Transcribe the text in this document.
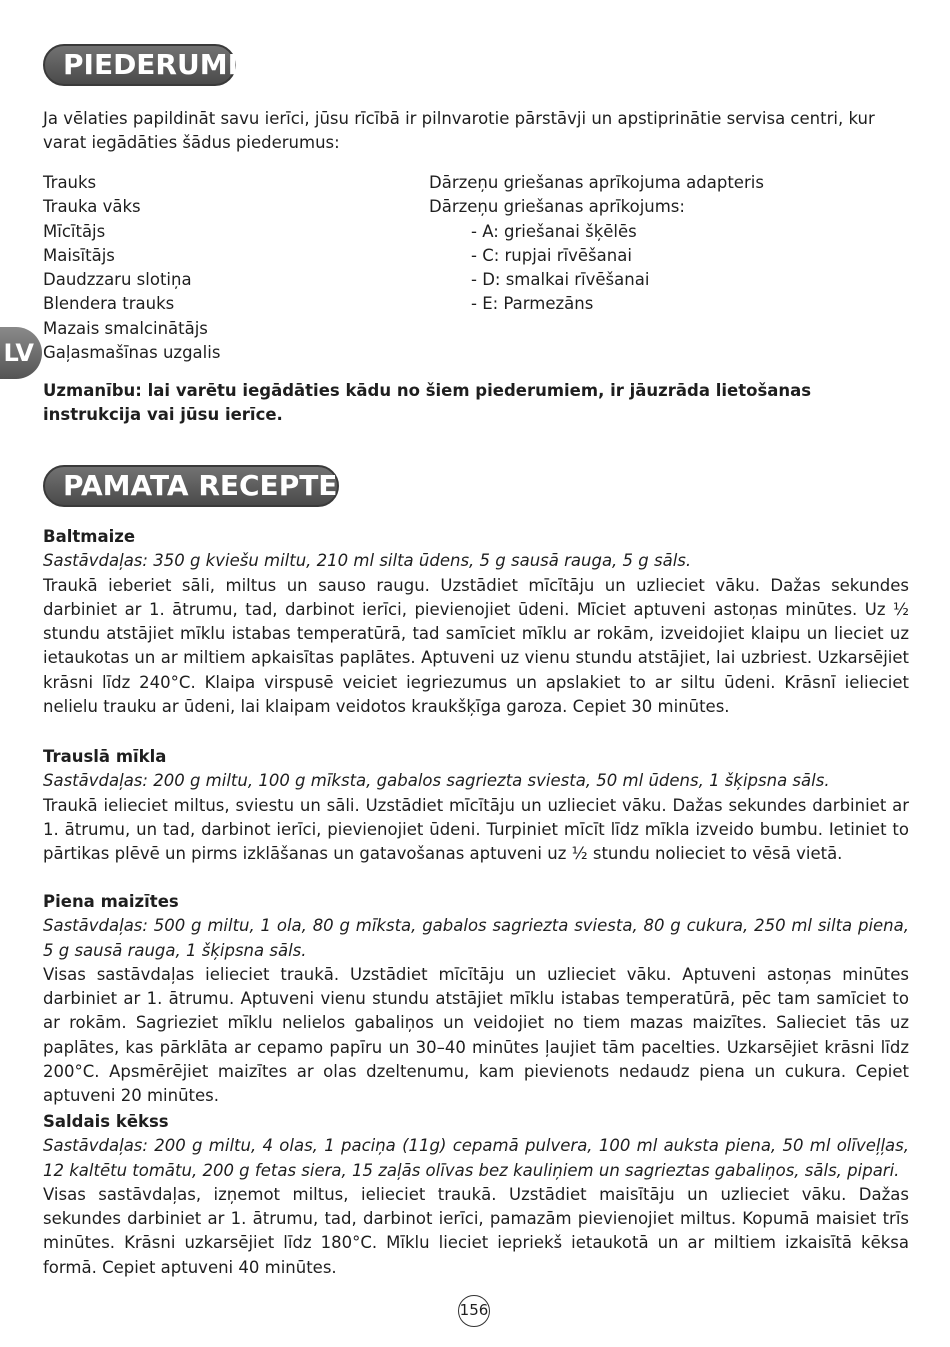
PIEDERUMI
Ja vēlaties papildināt savu ierīci, jūsu rīcībā ir pilnvarotie pārstāvji un apstiprinātie servisa centri, kur varat iegādāties šādus piederumus:
Trauks
Trauka vāks
Mīcītājs
Maisītājs
Daudzzaru slotiņa
Blendera trauks
Mazais smalcinātājs
Gaļasmašīnas uzgalis
Dārzeņu griešanas aprīkojuma adapteris
Dārzeņu griešanas aprīkojums:
- A: griešanai šķēlēs
- C: rupjai rīvēšanai
- D: smalkai rīvēšanai
- E: Parmezāns
LV
Uzmanību: lai varētu iegādāties kādu no šiem piederumiem, ir jāuzrāda lietošanas instrukcija vai jūsu ierīce.
PAMATA RECEPTES
Baltmaize
Sastāvdaļas: 350 g kviešu miltu, 210 ml silta ūdens, 5 g sausā rauga, 5 g sāls.
Traukā ieberiet sāli, miltus un sauso raugu. Uzstādiet mīcītāju un uzlieciet vāku. Dažas sekundes darbiniet ar 1. ātrumu, tad, darbinot ierīci, pievienojiet ūdeni. Mīciet aptuveni astoņas minūtes. Uz ½ stundu atstājiet mīklu istabas temperatūrā, tad samīciet mīklu ar rokām, izveidojiet klaipu un lieciet uz ietaukotas un ar miltiem apkaisītas paplātes. Aptuveni uz vienu stundu atstājiet, lai uzbriest. Uzkarsējiet krāsni līdz 240°C. Klaipa virspusē veiciet iegriezumus un apslakiet to ar siltu ūdeni. Krāsnī ielieciet nelielu trauku ar ūdeni, lai klaipam veidotos kraukšķīga garoza. Cepiet 30 minūtes.
Trauslā mīkla
Sastāvdaļas: 200 g miltu, 100 g mīksta, gabalos sagriezta sviesta, 50 ml ūdens, 1 šķipsna sāls.
Traukā ielieciet miltus, sviestu un sāli. Uzstādiet mīcītāju un uzlieciet vāku. Dažas sekundes darbiniet ar 1. ātrumu, un tad, darbinot ierīci, pievienojiet ūdeni. Turpiniet mīcīt līdz mīkla izveido bumbu. Ietiniet to pārtikas plēvē un pirms izklāšanas un gatavošanas aptuveni uz ½ stundu nolieciet to vēsā vietā.
Piena maizītes
Sastāvdaļas: 500 g miltu, 1 ola, 80 g mīksta, gabalos sagriezta sviesta, 80 g cukura, 250 ml silta piena, 5 g sausā rauga, 1 šķipsna sāls.
Visas sastāvdaļas ielieciet traukā. Uzstādiet mīcītāju un uzlieciet vāku. Aptuveni astoņas minūtes darbiniet ar 1. ātrumu. Aptuveni vienu stundu atstājiet mīklu istabas temperatūrā, pēc tam samīciet to ar rokām. Sagrieziet mīklu nelielos gabaliņos un veidojiet no tiem mazas maizītes. Salieciet tās uz paplātes, kas pārklāta ar cepamo papīru un 30–40 minūtes ļaujiet tām pacelties. Uzkarsējiet krāsni līdz 200°C. Apsmērējiet maizītes ar olas dzeltenumu, kam pievienots nedaudz piena un cukura. Cepiet aptuveni 20 minūtes.
Saldais kēkss
Sastāvdaļas: 200 g miltu, 4 olas, 1 paciņa (11g) cepamā pulvera, 100 ml auksta piena, 50 ml olīveļļas, 12 kaltētu tomātu, 200 g fetas siera, 15 zaļās olīvas bez kauliņiem un sagrieztas gabaliņos, sāls, pipari.
Visas sastāvdaļas, izņemot miltus, ielieciet traukā. Uzstādiet maisītāju un uzlieciet vāku. Dažas sekundes darbiniet ar 1. ātrumu, tad, darbinot ierīci, pamazām pievienojiet miltus. Kopumā maisiet trīs minūtes. Krāsni uzkarsējiet līdz 180°C. Mīklu lieciet iepriekš ietaukotā un ar miltiem izkaisītā kēksa formā. Cepiet aptuveni 40 minūtes.
156
